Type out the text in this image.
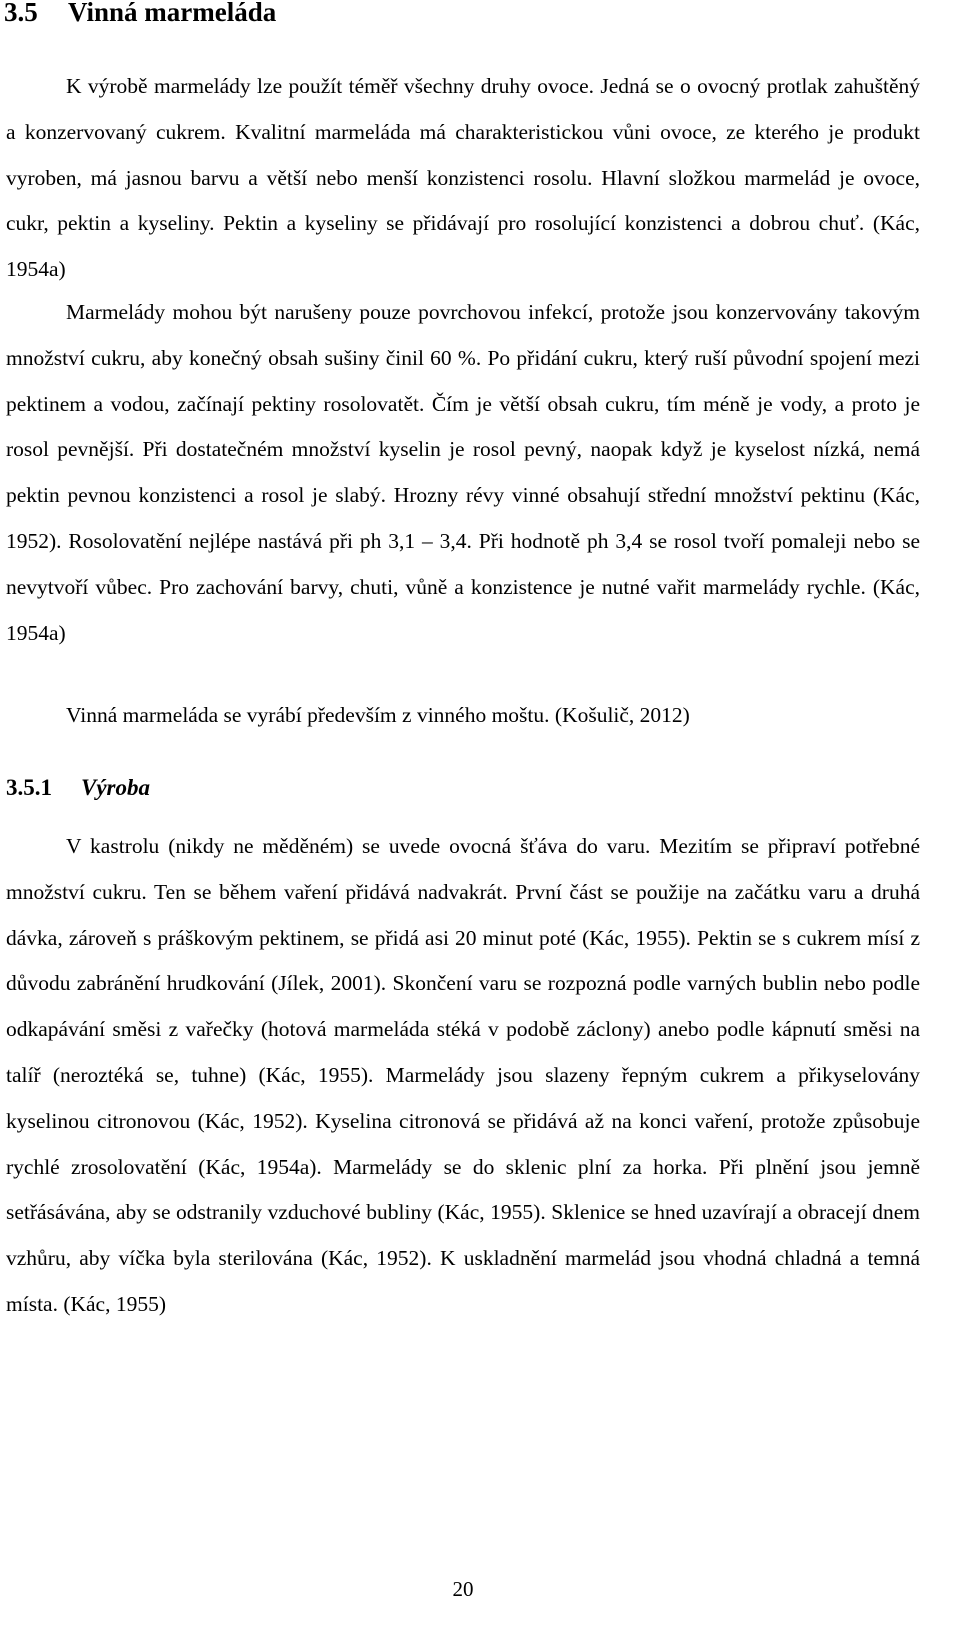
3.5 Vinná marmeláda

K výrobě marmelády lze použít téměř všechny druhy ovoce. Jedná se o ovocný protlak zahuštěný a konzervovaný cukrem. Kvalitní marmeláda má charakteristickou vůni ovoce, ze kterého je produkt vyroben, má jasnou barvu a větší nebo menší konzistenci rosolu. Hlavní složkou marmelád je ovoce, cukr, pektin a kyseliny. Pektin a kyseliny se přidávají pro rosolující konzistenci a dobrou chuť. (Kác, 1954a)

Marmelády mohou být narušeny pouze povrchovou infekcí, protože jsou konzervovány takovým množství cukru, aby konečný obsah sušiny činil 60 %. Po přidání cukru, který ruší původní spojení mezi pektinem a vodou, začínají pektiny rosolovatět. Čím je větší obsah cukru, tím méně je vody, a proto je rosol pevnější. Při dostatečném množství kyselin je rosol pevný, naopak když je kyselost nízká, nemá pektin pevnou konzistenci a rosol je slabý. Hrozny révy vinné obsahují střední množství pektinu (Kác, 1952). Rosolovatění nejlépe nastává při ph 3,1 – 3,4. Při hodnotě ph 3,4 se rosol tvoří pomaleji nebo se nevytvoří vůbec. Pro zachování barvy, chuti, vůně a konzistence je nutné vařit marmelády rychle. (Kác, 1954a)

Vinná marmeláda se vyrábí především z vinného moštu. (Košulič, 2012)

3.5.1 Výroba

V kastrolu (nikdy ne měděném) se uvede ovocná šťáva do varu. Mezitím se připraví potřebné množství cukru. Ten se během vaření přidává nadvakrát. První část se použije na začátku varu a druhá dávka, zároveň s práškovým pektinem, se přidá asi 20 minut poté (Kác, 1955). Pektin se s cukrem mísí z důvodu zabránění hrudkování (Jílek, 2001). Skončení varu se rozpozná podle varných bublin nebo podle odkapávání směsi z vařečky (hotová marmeláda stéká v podobě záclony) anebo podle kápnutí směsi na talíř (neroztéká se, tuhne) (Kác, 1955). Marmelády jsou slazeny řepným cukrem a přikyselovány kyselinou citronovou (Kác, 1952). Kyselina citronová se přidává až na konci vaření, protože způsobuje rychlé zrosolovatění (Kác, 1954a). Marmelády se do sklenic plní za horka. Při plnění jsou jemně setřásávána, aby se odstranily vzduchové bubliny (Kác, 1955). Sklenice se hned uzavírají a obracejí dnem vzhůru, aby víčka byla sterilována (Kác, 1952). K uskladnění marmelád jsou vhodná chladná a temná místa. (Kác, 1955)

20
